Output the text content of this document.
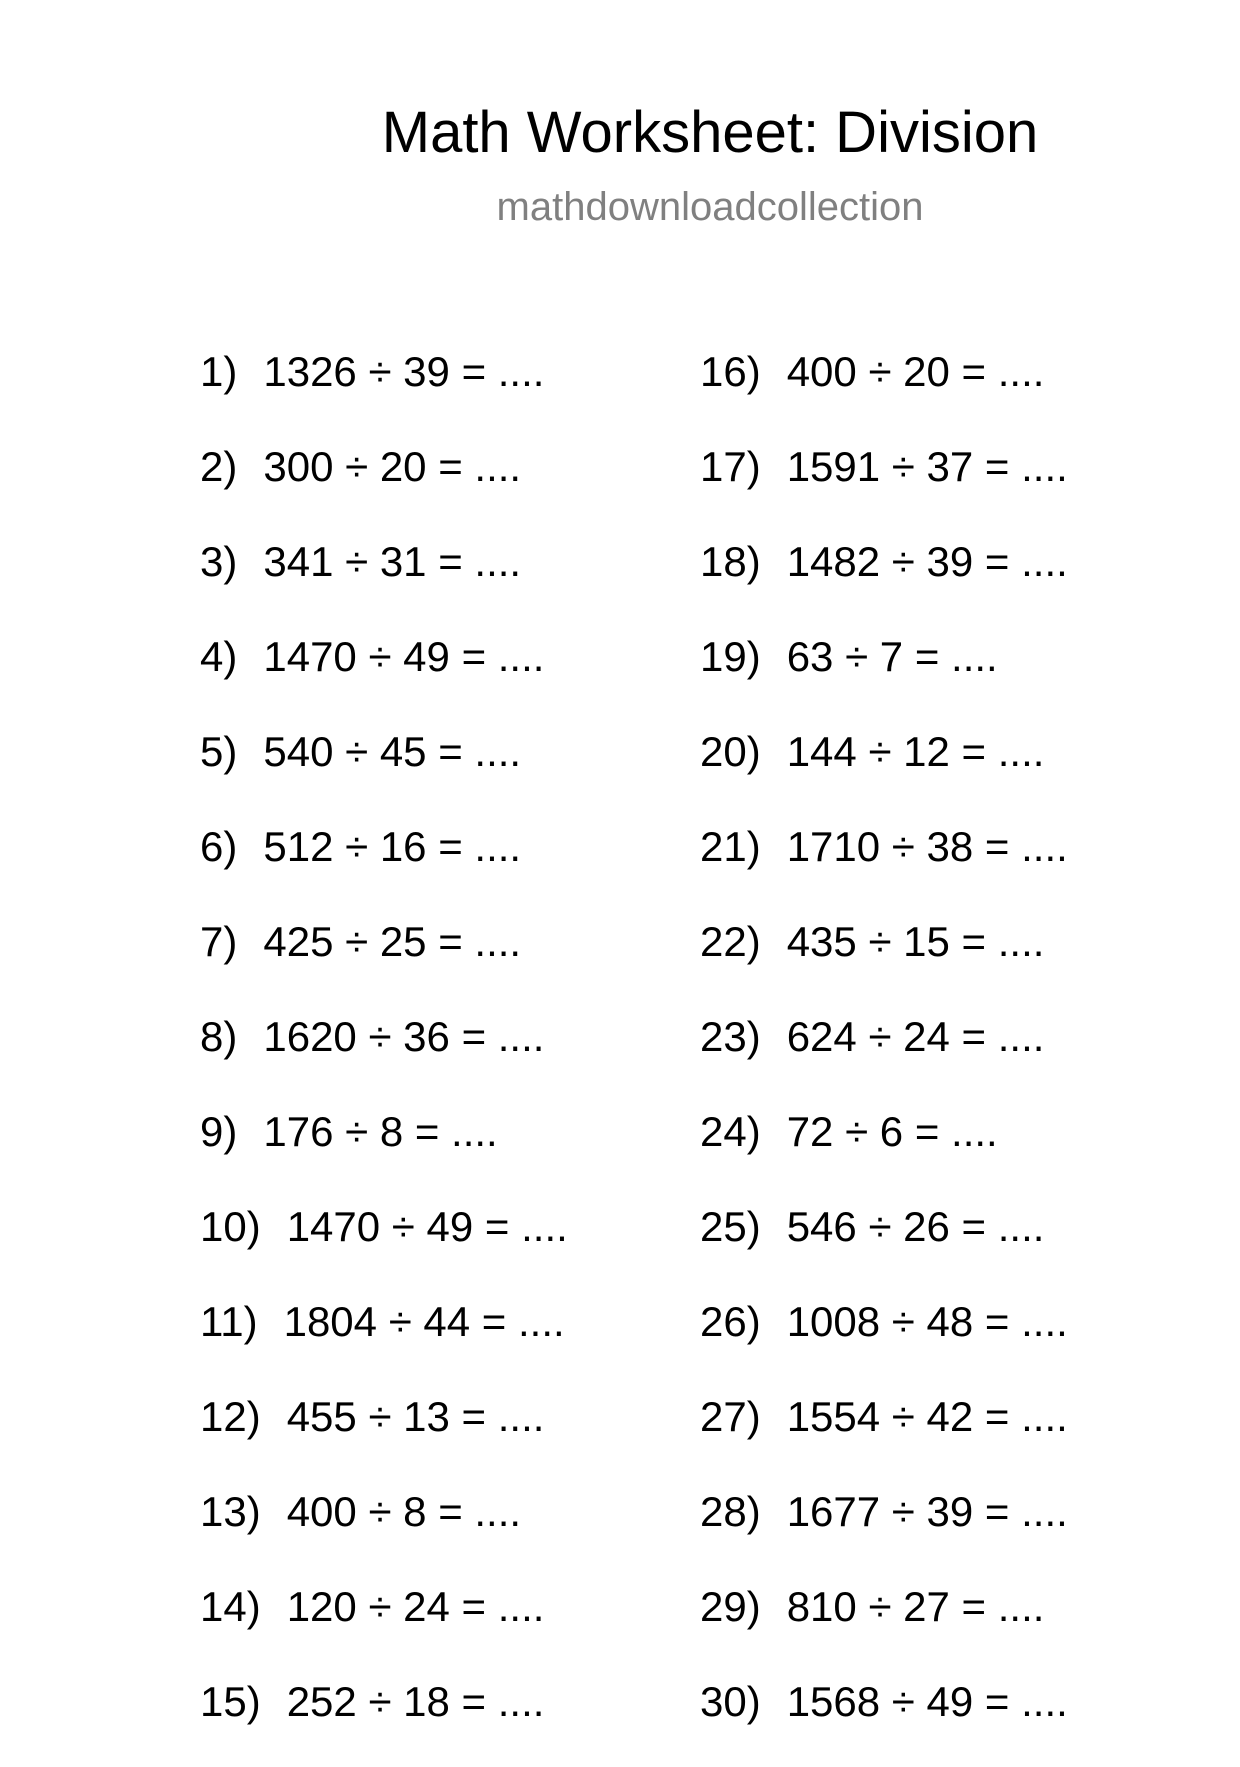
Math Worksheet: Division
mathdownloadcollection
1) 1326 ÷ 39 = ....
2) 300 ÷ 20 = ....
3) 341 ÷ 31 = ....
4) 1470 ÷ 49 = ....
5) 540 ÷ 45 = ....
6) 512 ÷ 16 = ....
7) 425 ÷ 25 = ....
8) 1620 ÷ 36 = ....
9) 176 ÷ 8 = ....
10) 1470 ÷ 49 = ....
11) 1804 ÷ 44 = ....
12) 455 ÷ 13 = ....
13) 400 ÷ 8 = ....
14) 120 ÷ 24 = ....
15) 252 ÷ 18 = ....
16) 400 ÷ 20 = ....
17) 1591 ÷ 37 = ....
18) 1482 ÷ 39 = ....
19) 63 ÷ 7 = ....
20) 144 ÷ 12 = ....
21) 1710 ÷ 38 = ....
22) 435 ÷ 15 = ....
23) 624 ÷ 24 = ....
24) 72 ÷ 6 = ....
25) 546 ÷ 26 = ....
26) 1008 ÷ 48 = ....
27) 1554 ÷ 42 = ....
28) 1677 ÷ 39 = ....
29) 810 ÷ 27 = ....
30) 1568 ÷ 49 = ....
